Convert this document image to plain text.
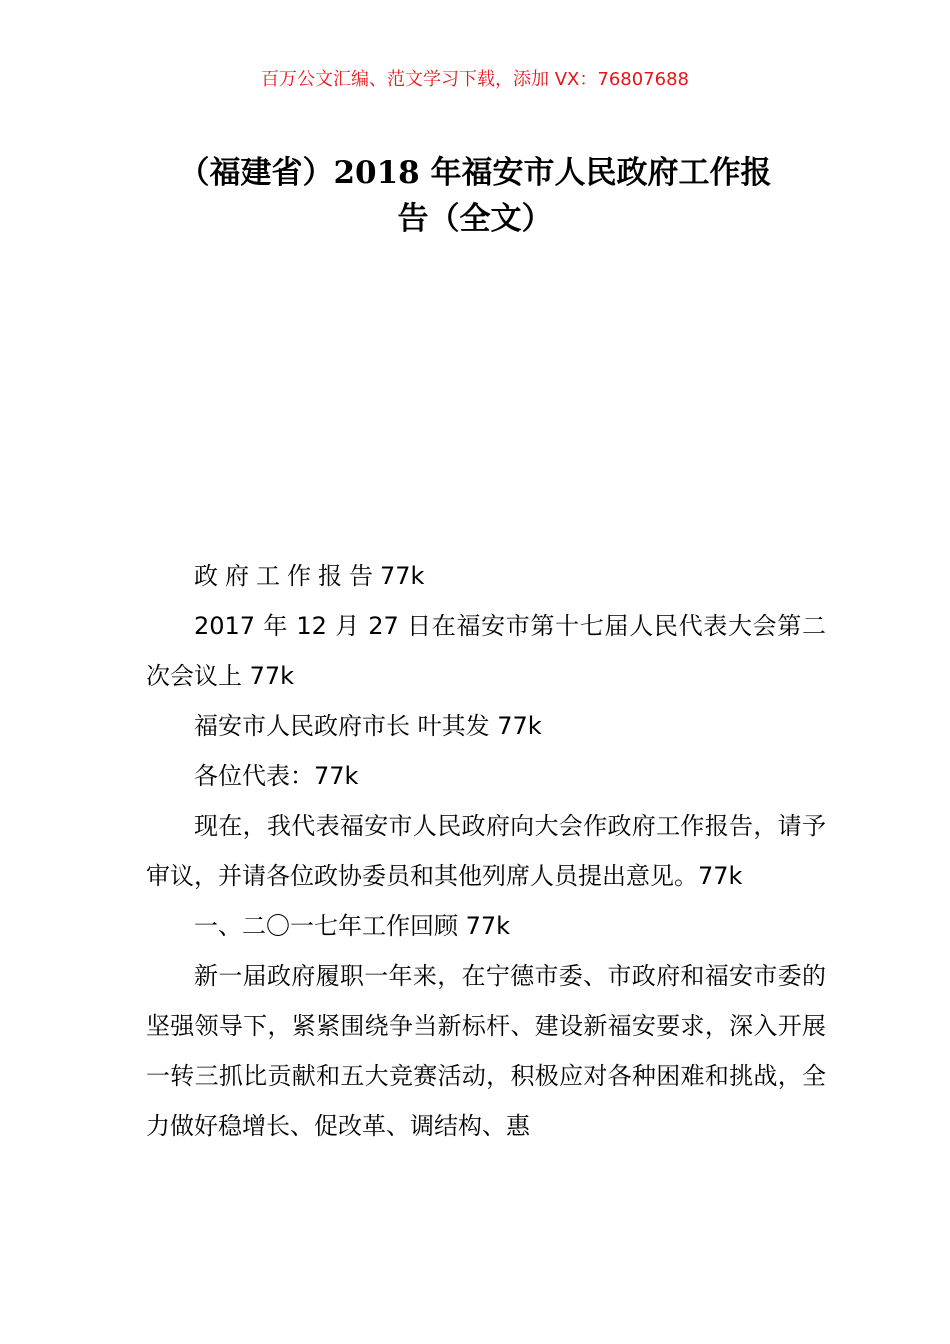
百万公文汇编、范文学习下载，添加 VX：76807688
（福建省）2018 年福安市人民政府工作报
告（全文）

政府工作报告77k

2017 年 12 月 27 日在福安市第十七届人民代表大会第二次会议上 77k

福安市人民政府市长 叶其发 77k

各位代表：77k

现在，我代表福安市人民政府向大会作政府工作报告，请予审议，并请各位政协委员和其他列席人员提出意见。77k

一、二〇一七年工作回顾 77k

新一届政府履职一年来，在宁德市委、市政府和福安市委的坚强领导下，紧紧围绕争当新标杆、建设新福安要求，深入开展一转三抓比贡献和五大竞赛活动，积极应对各种困难和挑战，全力做好稳增长、促改革、调结构、惠
